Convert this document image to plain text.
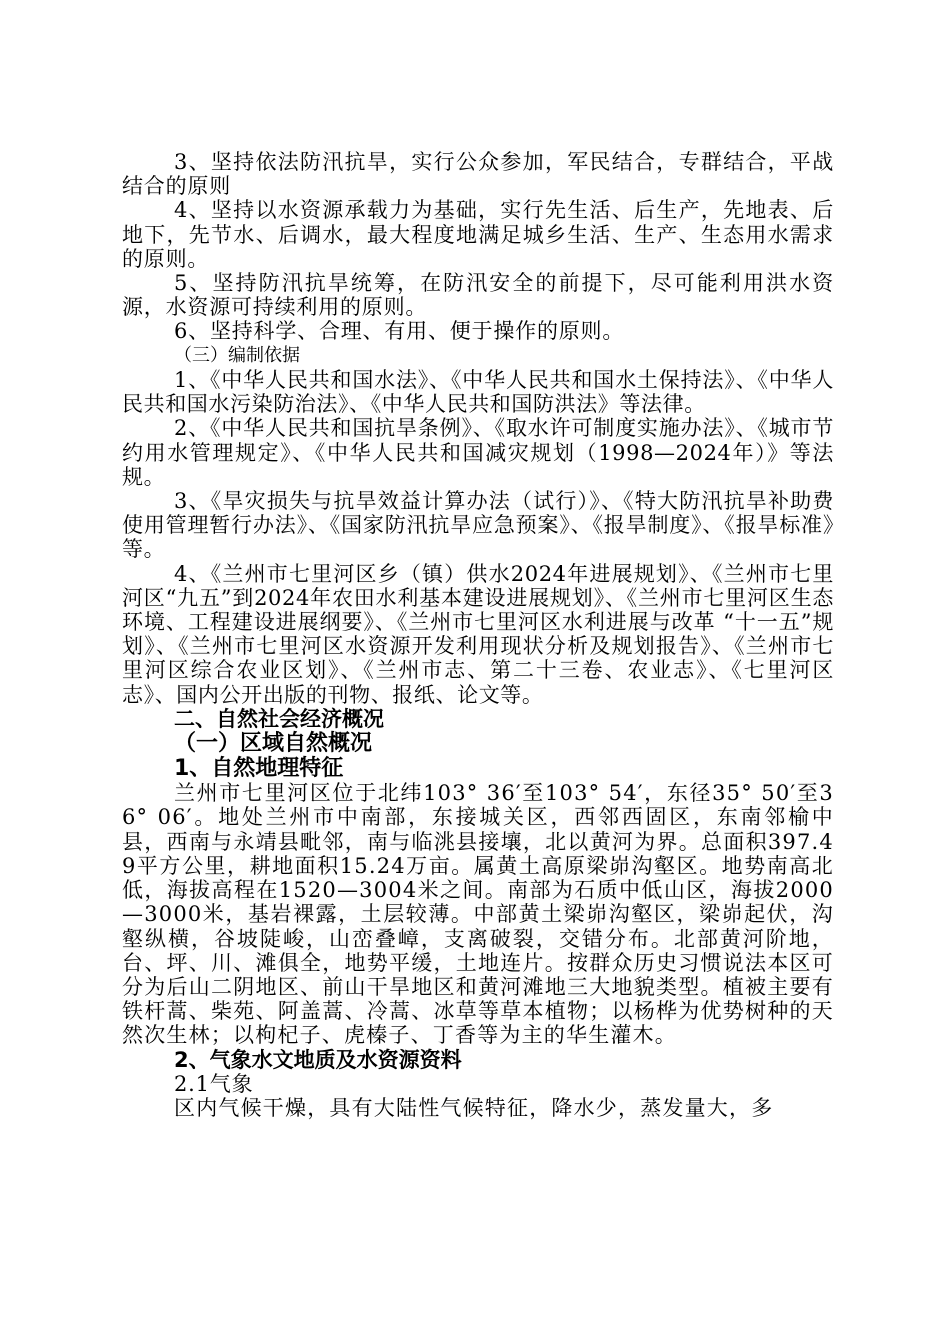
3、坚持依法防汛抗旱，实行公众参加，军民结合，专群结合，平战结合的原则

4、坚持以水资源承载力为基础，实行先生活、后生产，先地表、后地下，先节水、后调水，最大程度地满足城乡生活、生产、生态用水需求的原则。

5、坚持防汛抗旱统筹，在防汛安全的前提下，尽可能利用洪水资源，水资源可持续利用的原则。

6、坚持科学、合理、有用、便于操作的原则。

（三）编制依据

1、《中华人民共和国水法》、《中华人民共和国水土保持法》、《中华人民共和国水污染防治法》、《中华人民共和国防洪法》等法律。

2、《中华人民共和国抗旱条例》、《取水许可制度实施办法》、《城市节约用水管理规定》、《中华人民共和国减灾规划（1998—2024年）》等法规。

3、《旱灾损失与抗旱效益计算办法（试行）》、《特大防汛抗旱补助费使用管理暂行办法》、《国家防汛抗旱应急预案》、《报旱制度》、《报旱标准》等。

4、《兰州市七里河区乡（镇）供水2024年进展规划》、《兰州市七里河区“九五”到2024年农田水利基本建设进展规划》、《兰州市七里河区生态环境、工程建设进展纲要》、《兰州市七里河区水利进展与改革 “十一五”规划》、《兰州市七里河区水资源开发利用现状分析及规划报告》、《兰州市七里河区综合农业区划》、《兰州市志、第二十三卷、农业志》、《七里河区志》、国内公开出版的刊物、报纸、论文等。

二、自然社会经济概况

（一）区域自然概况

1、自然地理特征

兰州市七里河区位于北纬103° 36′至103° 54′，东径35° 50′至36° 06′。地处兰州市中南部，东接城关区，西邻西固区，东南邻榆中县，西南与永靖县毗邻，南与临洮县接壤，北以黄河为界。总面积397.49平方公里，耕地面积15.24万亩。属黄土高原梁峁沟壑区。地势南高北低，海拔高程在1520—3004米之间。南部为石质中低山区，海拔2000—3000米，基岩裸露，土层较薄。中部黄土梁峁沟壑区，梁峁起伏，沟壑纵横，谷坡陡峻，山峦叠嶂，支离破裂，交错分布。北部黄河阶地，台、坪、川、滩俱全，地势平缓，土地连片。按群众历史习惯说法本区可分为后山二阴地区、前山干旱地区和黄河滩地三大地貌类型。植被主要有铁杆蒿、柴苑、阿盖蒿、冷蒿、冰草等草本植物；以杨桦为优势树种的天然次生林；以枸杞子、虎榛子、丁香等为主的华生灌木。

2、气象水文地质及水资源资料

2.1气象

区内气候干燥，具有大陆性气候特征，降水少，蒸发量大，多
